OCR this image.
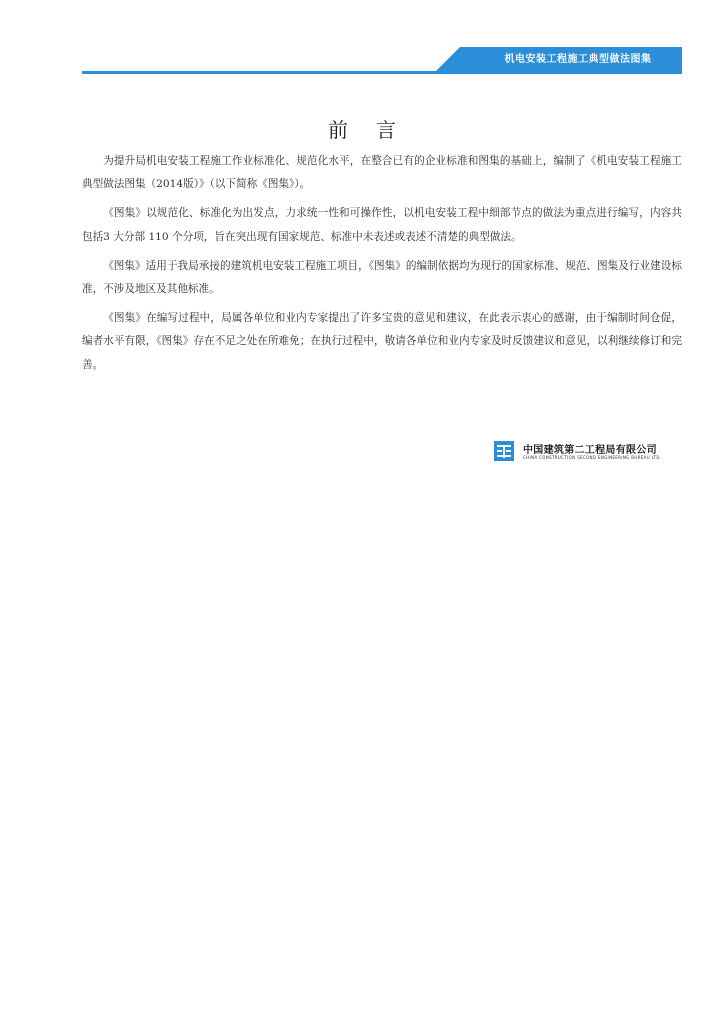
机电安装工程施工典型做法图集
前言

为提升局机电安装工程施工作业标准化、规范化水平，在整合已有的企业标准和图集的基础上，编制了《机电安装工程施工典型做法图集（2014版）》（以下简称《图集》）。

《图集》以规范化、标准化为出发点，力求统一性和可操作性，以机电安装工程中细部节点的做法为重点进行编写，内容共包括3 大分部 110 个分项，旨在突出现有国家规范、标准中未表述或表述不清楚的典型做法。

《图集》适用于我局承接的建筑机电安装工程施工项目，《图集》的编制依据均为现行的国家标准、规范、图集及行业建设标准，不涉及地区及其他标准。

《图集》在编写过程中，局属各单位和业内专家提出了许多宝贵的意见和建议，在此表示衷心的感谢，由于编制时间仓促，编者水平有限，《图集》存在不足之处在所难免；在执行过程中，敬请各单位和业内专家及时反馈建议和意见，以利继续修订和完善。

中国建筑第二工程局有限公司
CHINA CONSTRUCTION SECOND ENGINEERING BUREAU LTD
